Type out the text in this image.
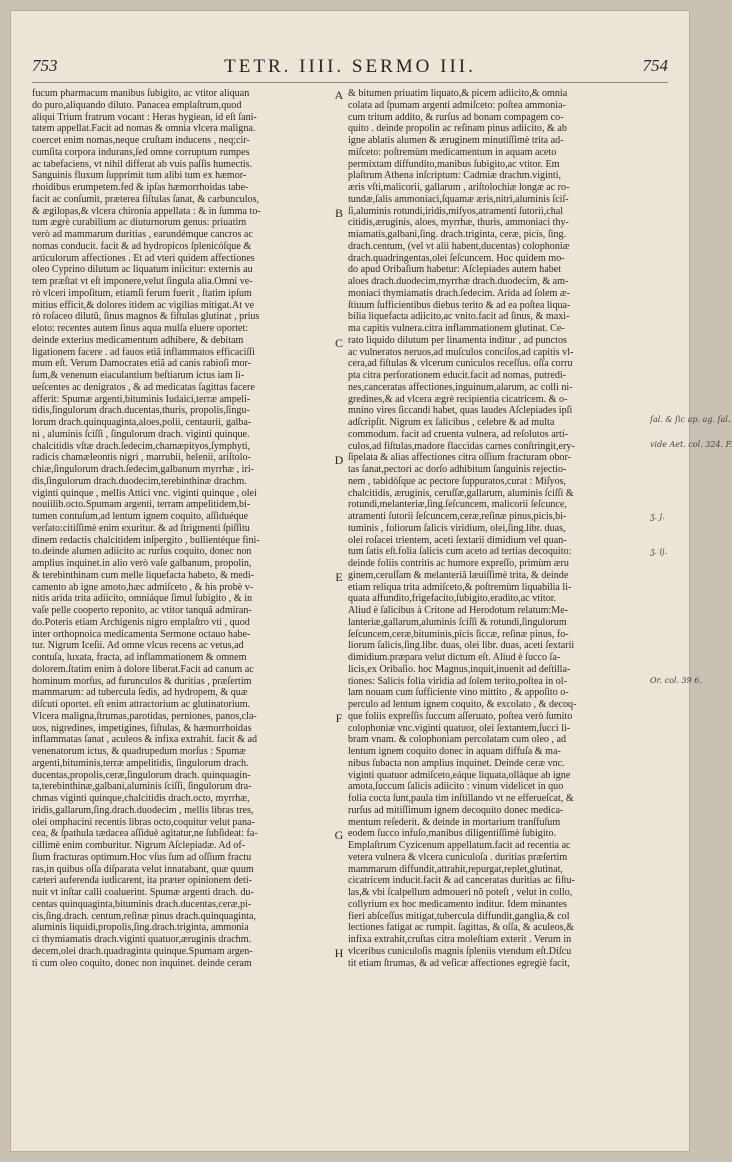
753	TETR. IIII. SERMO III.	754

fucum pharmacum manibus ſubigito, ac vtitor aliquan

do puro,aliquando diluto. Panacea emplaſtrum,quod

aliqui Trium fratrum vocant : Heras hygiean, id eſt ſani-

tatem appellat.Facit ad nomas & omnia vlcera maligna.

coercet enim nomas,neque cruſtam inducens , neq;cir-

cumſita corpora indurans,ſed omne corruptum rumpes

ac tabefaciens, vt nihil differat ab vuis paſſis humectis.

Sanguinis fluxum ſupprimit tum alibi tum ex hæmor-

rhoidibus erumpetem.fed & ipſas hæmorrhoidas tabe-

facit ac conſumit, præterea fiſtulas ſanat, & carbunculos,

& ægilopas,& vlcera chironia appellata : & in ſumma to-

tum ægrè curabilium ac diuturnorum genus: priuatim

verò ad mammarum duritias , earundémque cancros ac

nomas conducit. facit & ad hydropicos ſplenicóſque &

articulorum affectiones . Et ad vteri quidem affectiones

oleo Cyprino dilutum ac liquatum iniicitur: externis au

tem præſtat vt eſt imponere,velut ſingula alia.Omni ve-

rò vlceri impoſitum, etiamſi ferum fuerit , ſtatim ipſum

mitius efficit,& dolores itidem ac vigilias mitigat.At ve

rò roſaceo dilutũ, ſinus magnos & fiſtulas glutinat , prius

eloto: recentes autem ſinus aqua mulſa eluere oportet:

deinde exterius medicamentum adhibere, & debitam

ligationem facere . ad fauos etiã inflammatos efficaciſſi

mum eſt. Verum Damocrates etiã ad canis rabioſi mor-

ſum,& venenum eiaculantium beſtiarum ictus iam li-

ueſcentes ac denigratos , & ad medicatas ſagittas facere

afferit: Spumæ argenti,bituminis Iudaici,terræ ampeli-

tidis,ſingulorum drach.ducentas,thuris, propolis,ſingu-

lorum drach.quinquaginta,aloes,polii, centaurii, galba-

ni , aluminis ſciſſi , ſingulorum drach. viginti quinque.

chalcitidis vſtæ drach.ſedecim,chamæpityos,ſymphyti,

radicis chamæleontis nigri , marrubii, helenii, ariſtolo-

chiæ,ſingulorum drach.ſedecim,galbanum myrrhæ , iri-

dis,ſingulorum drach.duodecim,terebinthinæ drachm.

viginti quinque , mellis Attici vnc. viginti quinque , olei

nouiilib.octo.Spumam argenti, terram ampelitidem,bi-

tumen contuſum,ad lentum ignem coquito, aſſiduéque

verſato:citiſſimè enim exuritur. & ad ſtrigmenti ſpiſſitu

dinem redactis chalcitidem inſpergito , bullientéque fini-

to.deinde alumen adiicito ac rurſus coquito, donec non

amplius inquinet.in alio verò vaſe galbanum, propolin,

& terebinthinam cum melle liquefacta habeto, & medi-

camento ab igne amoto,hæc admiſceto , & his probè v-

nitis arida trita adiicito, omniáque ſimul ſubigito , & in

vaſe pelle cooperto reponito, ac vtitor tanquã admiran-

do.Poteris etiam Archigenis nigro emplaſtro vti , quod

inter orthopnoica medicamenta Sermone octauo habe-

tur. Nigrum Iceſii. Ad omne vlcus recens ac vetus,ad

contuſa, luxata, fracta, ad inflammationem & omnem

dolorem.ſtatim enim à dolore liberat.Facit ad canum ac

hominum morſus, ad furunculos & duritias , præſertim

mammarum: ad tubercula ſedis, ad hydropem, & quæ

diſcuti oportet. eſt enim attractorium ac glutinatorium.

Vlcera maligna,ſtrumas,parotidas, perniones, panos,cla-

uos, nigredines, impetigines, fiſtulas, & hæmorrhoidas

inflammatas ſanat , aculeos & infixa extrahit. facit & ad

venenatorum ictus, & quadrupedum morſus : Spumæ

argenti,bituminis,terræ ampelitidis, ſingulorum drach.

ducentas,propolis,ceræ,ſingulorum drach. quinquagin-

ta,terebinthinæ,galbani,aluminis ſciſſi, ſingulorum dra-

chmas viginti quinque,chalcitidis drach.octo, myrrhæ,

iridis,gallarum,ſing.drach.duodecim , mellis libras tres,

olei omphacini recentis libras octo,coquitur velut pana-

cea, & ſpathula tædacea aſſiduè agitatur,ne ſubſideat: fa-

cillimè enim comburitur. Nigrum Aſclepiadæ. Ad of-

ſium fracturas optimum.Hoc vſus ſum ad oſſium fractu

ras,in quibus oſſa diſparata velut innatabant, quæ quum

cæteri auferenda iudicarent, ita præter opinionem deti-

nuit vt inſtar calli coaluerint. Spumæ argenti drach. du-

centas quinquaginta,bituminis drach.ducentas,ceræ,pi-

cis,ſing.drach. centum,reſinæ pinus drach.quinquaginta,

aluminis liquidi,propolis,ſing.drach.triginta, ammonia

ci thymiamatis drach.viginti quatuor,æruginis drachm.

decem,olei drach.quadraginta quinque.Spumam argen-

ti cum oleo coquito, donec non inquinet. deinde ceram

& bitumen priuatim liquato,& picem adiicito,& omnia

colata ad ſpumam argenti admiſceto: poſtea ammonia-

cum tritum addito, & rurſus ad bonam compagem co-

quito . deinde propolin ac reſinam pinus adiicito, & ab

igne ablatis alumen & æruginem minutiſſimè trita ad-

miſceto: poſtremùm medicamentum in aquam aceto

permixtam diffundito,manibus ſubigito,ac vtitor. Em

plaſtrum Athena inſcriptum: Cadmiæ drachm.viginti,

æris vſti,malicorii, gallarum , ariſtolochiæ longæ ac ro-

tundæ,ſalis ammoniaci,ſquamæ æris,nitri,aluminis ſciſ-

ſi,aluminis rotundi,iridis,miſyos,atramenti ſutorii,chal

citidis,æruginis, aloes, myrrhæ, thuris, ammoniaci thy-

miamatis,galbani,ſing. drach.triginta, ceræ, picis, ſing.

drach.centum, (vel vt alii habent,ducentas) colophoniæ

drach.quadringentas,olei ſeſcuncem. Hoc quidem mo-

do apud Oribaſium habetur: Aſclepiades autem habet

aloes drach.duodecim,myrrhæ drach.duodecim, & am-

moniaci thymiamatis drach.ſedecim. Arida ad ſolem æ-

ſtiuum ſufficientibus diebus terito & ad ea poſtea liqua-

bilia liquefacta adiicito,ac vnito.facit ad ſinus, & maxi-

ma capitis vulnera.citra inflammationem glutinat. Ce-

rato liquido dilutum per linamenta inditur , ad punctos

ac vulneratos neruos,ad muſculos conciſos,ad capitis vl-

cera,ad fiſtulas & vlcerum cuniculos receſſus. oſſa corru

pta citra perforationem educit.facit ad nomas, putredi-

nes,canceratas affectiones,inguinum,alarum, ac colli ni-

gredines,& ad vlcera ægrè recipientia cicatricem. & o-

mnino vires ſiccandi habet, quas laudes Aſclepiades ipſi

adſcripſit. Nigrum ex ſalicibus , celebre & ad multa

commodum. facit ad cruenta vulnera, ad reſolutos arti-

culos,ad fiſtulas,madore flaccidas carnes conſtringit,ery-

ſipelata & alias affectiones citra oſſium fracturam obor-

tas ſanat,pectori ac dorſo adhibitum ſanguinis rejectio-

nem , tabidóſque ac pectore ſuppuratos,curat : Miſyos,

chalcitidis, æruginis, ceruſſæ,gallarum, aluminis ſciſſi &

rotundi,melanteriæ,ſing.ſeſcuncem, malicorii ſeſcunce,

atramenti ſutorii ſeſcuncem,ceræ,reſinæ pinus,picis,bi-

tuminis , foliorum ſalicis viridium, olei,ſing.libr. duas,

olei roſacei trientem, aceti ſextarii dimidium vel quan-

tum ſatis eſt.folia ſalicis cum aceto ad tertias decoquito:

deinde foliis contritis ac humore expreſſo, primùm æru

ginem,ceruſſam & melanteriã læuiſſimè trita, & deinde

etiam reliqua trita admiſceto,& poſtremùm liquabilia li-

quata affundito,frigefacito,ſubigito,eradito,ac vtitor.

Aliud è ſalicibus à Critone ad Herodotum relatum:Me-

lanteriæ,gallarum,aluminis ſciſſi & rotundi,ſingulorum

ſeſcuncem,ceræ,bituminis,picis ſiccæ, reſinæ pinus, fo-

liorum ſalicis,ſing.libr. duas, olei libr. duas, aceti ſextarii

dimidium.præpara velut dictum eſt. Aliud è ſucco ſa-

licis,ex Oribaſio. hoc Magnus,inquit,inuenit ad deſtilla-

tiones: Salicis folia viridia ad ſolem terito,poſtea in ol-

lam nouam cum ſufficiente vino mittito , & appoſito o-

perculo ad lentum ignem coquito, & excolato , & decoq-

que foliis expreſſis ſuccum aſſeruato, poſtea verò ſumito

colophoniæ vnc.viginti quatuor, olei ſextantem,ſucci li-

bram vnam. & colophoniam percolatam cum oleo , ad

lentum ignem coquito donec in aquam diffuſa & ma-

nibus ſubacta non amplius inquinet. Deinde ceræ vnc.

viginti quatuor admiſceto,eáque liquata,ollàque ab igne

amota,ſuccum ſalicis adiicito : vinum videlicet in quo

folia cocta ſunt,paula tim inſtillando vt ne efferueſcat, &

rurſus ad mitiſſimum ignem decoquito donec medica-

mentum reſederit. & deinde in mortarium tranſfuſum

eodem ſucco infuſo,manibus diligentiſſimè ſubigito.

Emplaſtrum Cyzicenum appellatum.facit ad recentia ac

vetera vulnera & vlcera cuniculoſa . duritias præſertim

mammarum diffundit,attrahit,repurgat,replet,glutinat,

cicatricem inducit.facit & ad canceratas duritias ac fiſtu-

las,& vbi ſcalpellum admoueri nõ poteſt , velut in collo,

collyrium ex hoc medicamento inditur. Idem minantes

fieri abſceſſus mitigat,tubercula diffundit,ganglia,& col

lectiones fatigat ac rumpit. ſagittas, & oſſa, & aculeos,&

infixa extrahit,cruſtas citra moleſtiam exterit . Verum in

vlceribus cuniculoſis magnis ſpleniis vtendum eſt.Diſcu

tit etiam ſtrumas, & ad veſicæ affectiones egregiè facit,

A
B
C
D
E
F
G
H
ſal. & ſic ap. ag. ſal.
vide Aet. col. 324. F.
ʒ. j.
ʒ. ij.
Or. col. 39 6.
